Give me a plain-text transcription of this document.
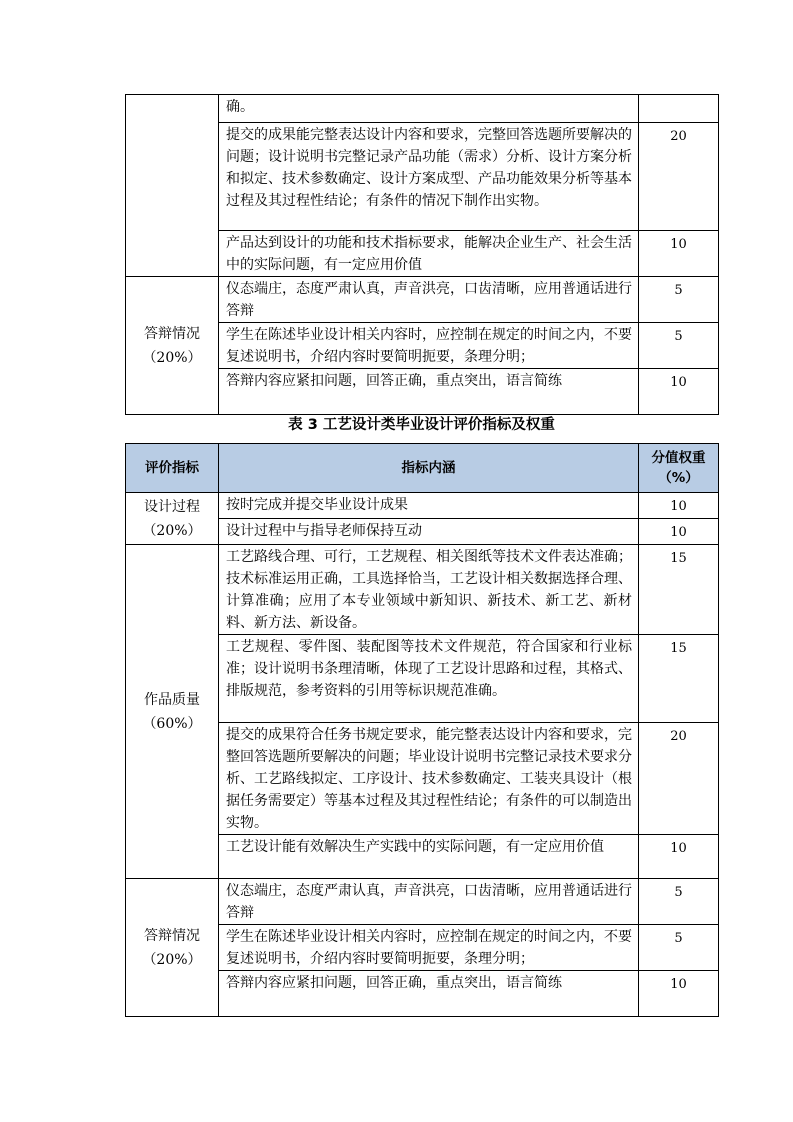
	确。	
	提交的成果能完整表达设计内容和要求，完整回答选题所要解决的问题；设计说明书完整记录产品功能（需求）分析、设计方案分析和拟定、技术参数确定、设计方案成型、产品功能效果分析等基本过程及其过程性结论；有条件的情况下制作出实物。	20
	产品达到设计的功能和技术指标要求，能解决企业生产、社会生活中的实际问题，有一定应用价值	10

答辩情况
（20%）	仪态端庄，态度严肃认真，声音洪亮，口齿清晰，应用普通话进行答辩	5
	学生在陈述毕业设计相关内容时，应控制在规定的时间之内，不要复述说明书，介绍内容时要简明扼要，条理分明；	5
	答辩内容应紧扣问题，回答正确，重点突出，语言简练	10
表 3 工艺设计类毕业设计评价指标及权重
评价指标	指标内涵	分值权重（%）

设计过程
（20%）	按时完成并提交毕业设计成果	10
	设计过程中与指导老师保持互动	10

作品质量
（60%）	工艺路线合理、可行，工艺规程、相关图纸等技术文件表达准确；技术标准运用正确，工具选择恰当，工艺设计相关数据选择合理、计算准确；应用了本专业领域中新知识、新技术、新工艺、新材料、新方法、新设备。	15
	工艺规程、零件图、装配图等技术文件规范，符合国家和行业标准；设计说明书条理清晰，体现了工艺设计思路和过程，其格式、排版规范，参考资料的引用等标识规范准确。	15
	提交的成果符合任务书规定要求，能完整表达设计内容和要求，完整回答选题所要解决的问题；毕业设计说明书完整记录技术要求分析、工艺路线拟定、工序设计、技术参数确定、工装夹具设计（根据任务需要定）等基本过程及其过程性结论；有条件的可以制造出实物。	20
	工艺设计能有效解决生产实践中的实际问题，有一定应用价值	10

答辩情况
（20%）	仪态端庄，态度严肃认真，声音洪亮，口齿清晰，应用普通话进行答辩	5
	学生在陈述毕业设计相关内容时，应控制在规定的时间之内，不要复述说明书，介绍内容时要简明扼要，条理分明；	5
	答辩内容应紧扣问题，回答正确，重点突出，语言简练	10
